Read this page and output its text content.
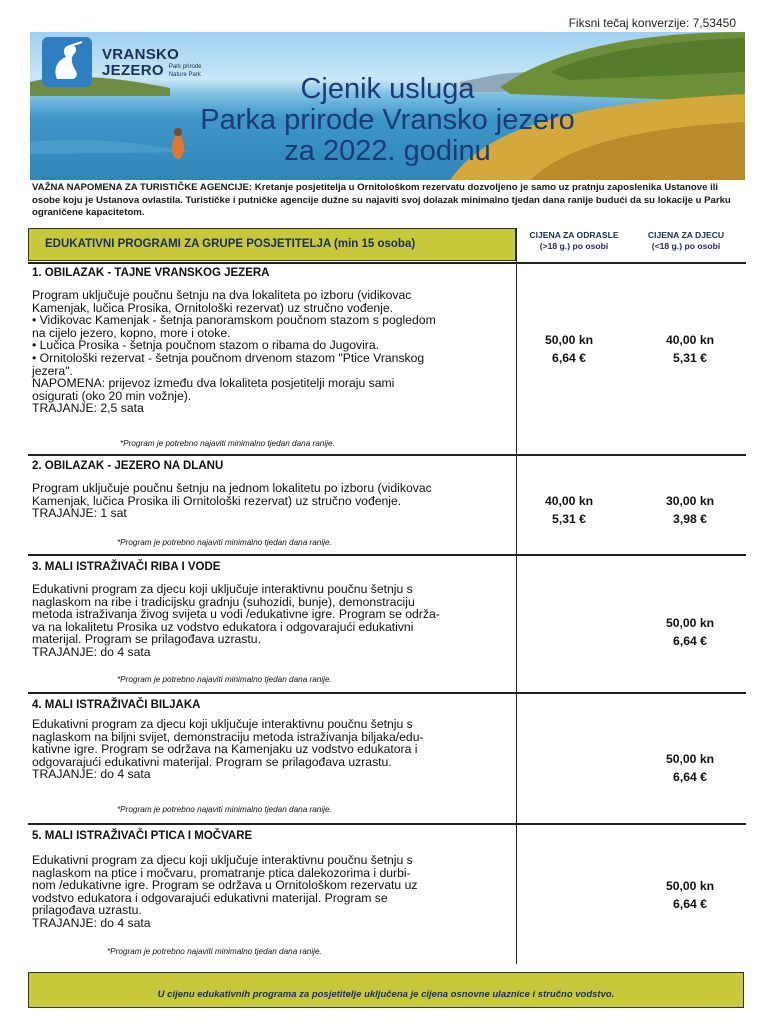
Fiksni tečaj konverzije: 7,53450
VRANSKO
JEZERO Park prirode
Nature Park	Cjenik usluga
Parka prirode Vransko jezero
za 2022. godinu
VAŽNA NAPOMENA ZA TURISTIČKE AGENCIJE: Kretanje posjetitelja u Ornitološkom rezervatu dozvoljeno je samo uz pratnju zaposlenika Ustanove ili osobe koju je Ustanova ovlastila. Turističke i putničke agencije dužne su najaviti svoj dolazak minimalno tjedan dana ranije budući da su lokacije u Parku ograničene kapacitetom.
EDUKATIVNI PROGRAMI ZA GRUPE POSJETITELJA (min 15 osoba)
CIJENA ZA ODRASLE
(>18 g.) po osobi
CIJENA ZA DJECU
(<18 g.) po osobi
1. OBILAZAK - TAJNE VRANSKOG JEZERA
Program uključuje poučnu šetnju na dva lokaliteta po izboru (vidikovac
Kamenjak, lučica Prosika, Ornitološki rezervat) uz stručno vođenje.
• Vidikovac Kamenjak - šetnja panoramskom poučnom stazom s pogledom
na cijelo jezero, kopno, more i otoke.
• Lučica Prosika - šetnja poučnom stazom o ribama do Jugovira.
• Ornitološki rezervat - šetnja poučnom drvenom stazom "Ptice Vranskog
jezera".
NAPOMENA: prijevoz između dva lokaliteta posjetitelji moraju sami
osigurati (oko 20 min vožnje).
TRAJANJE: 2,5 sata
*Program je potrebno najaviti minimalno tjedan dana ranije.
50,00 kn
6,64 €
40,00 kn
5,31 €
2. OBILAZAK - JEZERO NA DLANU
Program uključuje poučnu šetnju na jednom lokalitetu po izboru (vidikovac
Kamenjak, lučica Prosika ili Ornitološki rezervat) uz stručno vođenje.
TRAJANJE: 1 sat
*Program je potrebno najaviti minimalno tjedan dana ranije.
40,00 kn
5,31 €
30,00 kn
3,98 €
3. MALI ISTRAŽIVAČI RIBA I VODE
Edukativni program za djecu koji uključuje interaktivnu poučnu šetnju s
naglaskom na ribe i tradicijsku gradnju (suhozidi, bunje), demonstraciju
metoda istraživanja živog svijeta u vodi /edukativne igre. Program se održa-
va na lokalitetu Prosika uz vodstvo edukatora i odgovarajući edukativni
materijal. Program se prilagođava uzrastu.
TRAJANJE: do 4 sata
*Program je potrebno najaviti minimalno tjedan dana ranije.
50,00 kn
6,64 €
4. MALI ISTRAŽIVAČI BILJAKA
Edukativni program za djecu koji uključuje interaktivnu poučnu šetnju s
naglaskom na biljni svijet, demonstraciju metoda istraživanja biljaka/edu-
kativne igre. Program se održava na Kamenjaku uz vodstvo edukatora i
odgovarajući edukativni materijal. Program se prilagođava uzrastu.
TRAJANJE: do 4 sata
*Program je potrebno najaviti minimalno tjedan dana ranije.
50,00 kn
6,64 €
5. MALI ISTRAŽIVAČI PTICA I MOČVARE
Edukativni program za djecu koji uključuje interaktivnu poučnu šetnju s
naglaskom na ptice i močvaru, promatranje ptica dalekozorima i durbi-
nom /edukativne igre. Program se održava u Ornitološkom rezervatu uz
vodstvo edukatora i odgovarajući edukativni materijal. Program se
prilagođava uzrastu.
TRAJANJE: do 4 sata
*Program je potrebno najaviti minimalno tjedan dana ranije.
50,00 kn
6,64 €
$_{U cijenu edukativnih programa za posjetitelje uključena je cijena osnovne ulaznice i stručno vodstvo.}$
